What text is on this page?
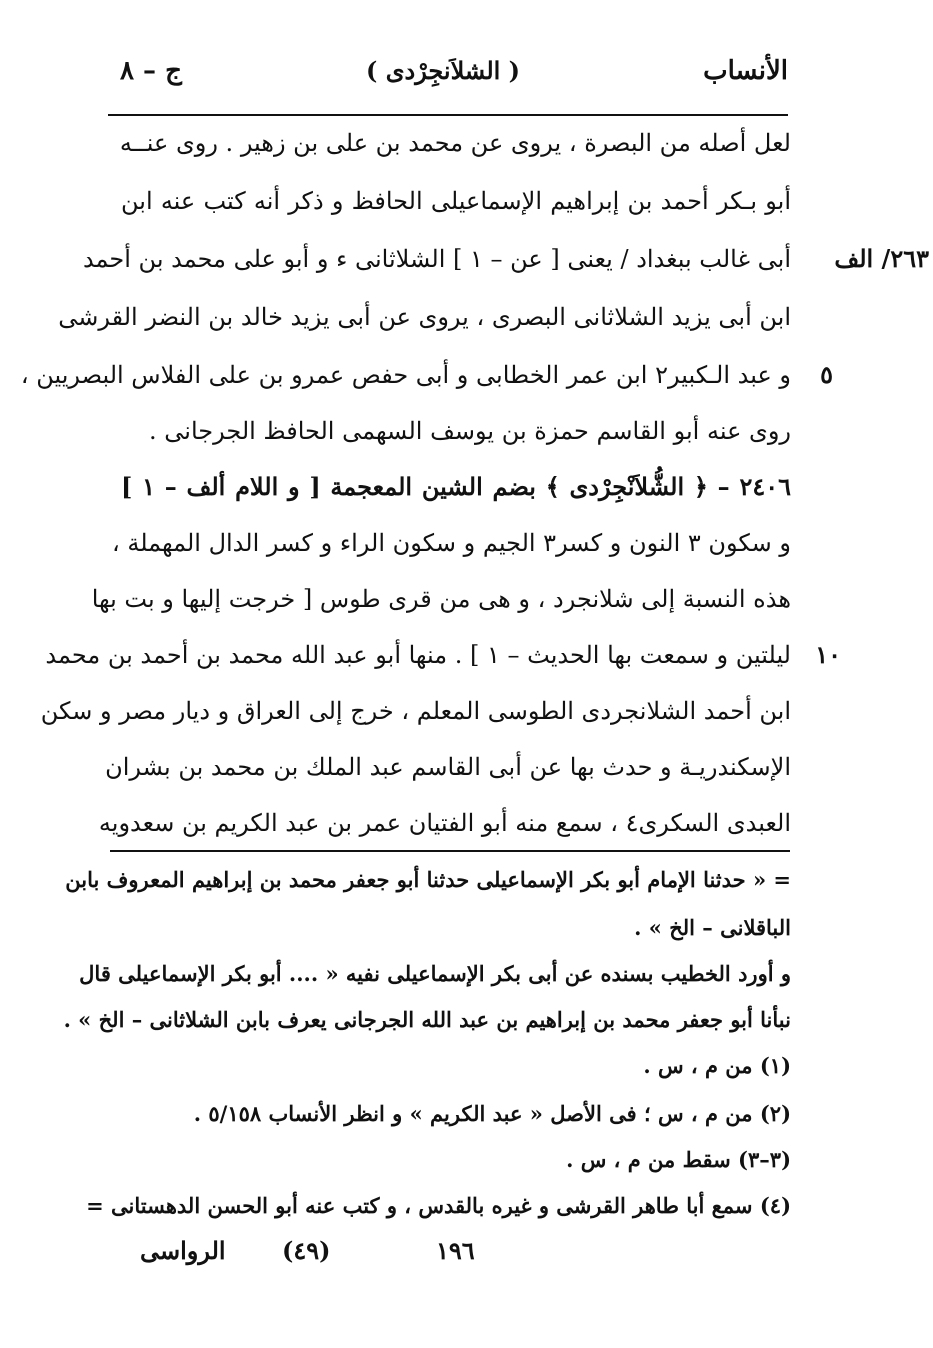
ج – ٨	( الشلاَنجِرْدى )	الأنساب
لعل أصله من البصرة ، يروى عن محمد بن على بن زهير . روى عنــه
أبو بـكر أحمد بن إبراهيم الإسماعيلى الحافظ و ذكر أنه كتب عنه ابن
أبى غالب ببغداد / يعنى [ عن – ١ ] الشلاثانى ء و أبو على محمد بن أحمد
ابن أبى يزيد الشلاثانى البصرى ، يروى عن أبى يزيد خالد بن النضر القرشى
و عبد الـكبير٢ ابن عمر الخطابى و أبى حفص عمرو بن على الفلاس البصريين ،
روى عنه أبو القاسم حمزة بن يوسف السهمى الحافظ الجرجانى .
٢٤٠٦ – ﴿ الشُّلاَنْجِرْدى ﴾ بضم الشين المعجمة [ و اللام ألف – ١ ]
و سكون ٣ النون و كسر٣ الجيم و سكون الراء و كسر الدال المهملة ،
هذه النسبة إلى شلانجرد ، و هى من قرى طوس [ خرجت إليها و بت بها
ليلتين و سمعت بها الحديث – ١ ] . منها أبو عبد الله محمد بن أحمد بن محمد
ابن أحمد الشلانجردى الطوسى المعلم ، خرج إلى العراق و ديار مصر و سكن
الإسكندريـة و حدث بها عن أبى القاسم عبد الملك بن محمد بن بشران
العبدى السكرى٤ ، سمع منه أبو الفتيان عمر بن عبد الكريم بن سعدويه
٢٦٣/ الف
٥
١٠
= « حدثنا الإمام أبو بكر الإسماعيلى حدثنا أبو جعفر محمد بن إبراهيم المعروف بابن
الباقلانى – الخ » .
و أورد الخطيب بسنده عن أبى بكر الإسماعيلى نفيه « .... أبو بكر الإسماعيلى قال
نبأنا أبو جعفر محمد بن إبراهيم بن عبد الله الجرجانى يعرف بابن الشلاثانى – الخ » .
(١) من م ، س .
(٢) من م ، س ؛ فى الأصل « عبد الكريم » و انظر الأنساب ٥/١٥٨ .
(٣–٣) سقط من م ، س .
(٤) سمع أبا طاهر القرشى و غيره بالقدس ، و كتب عنه أبو الحسن الدهستانى =
الرواسى (٤٩)	١٩٦
